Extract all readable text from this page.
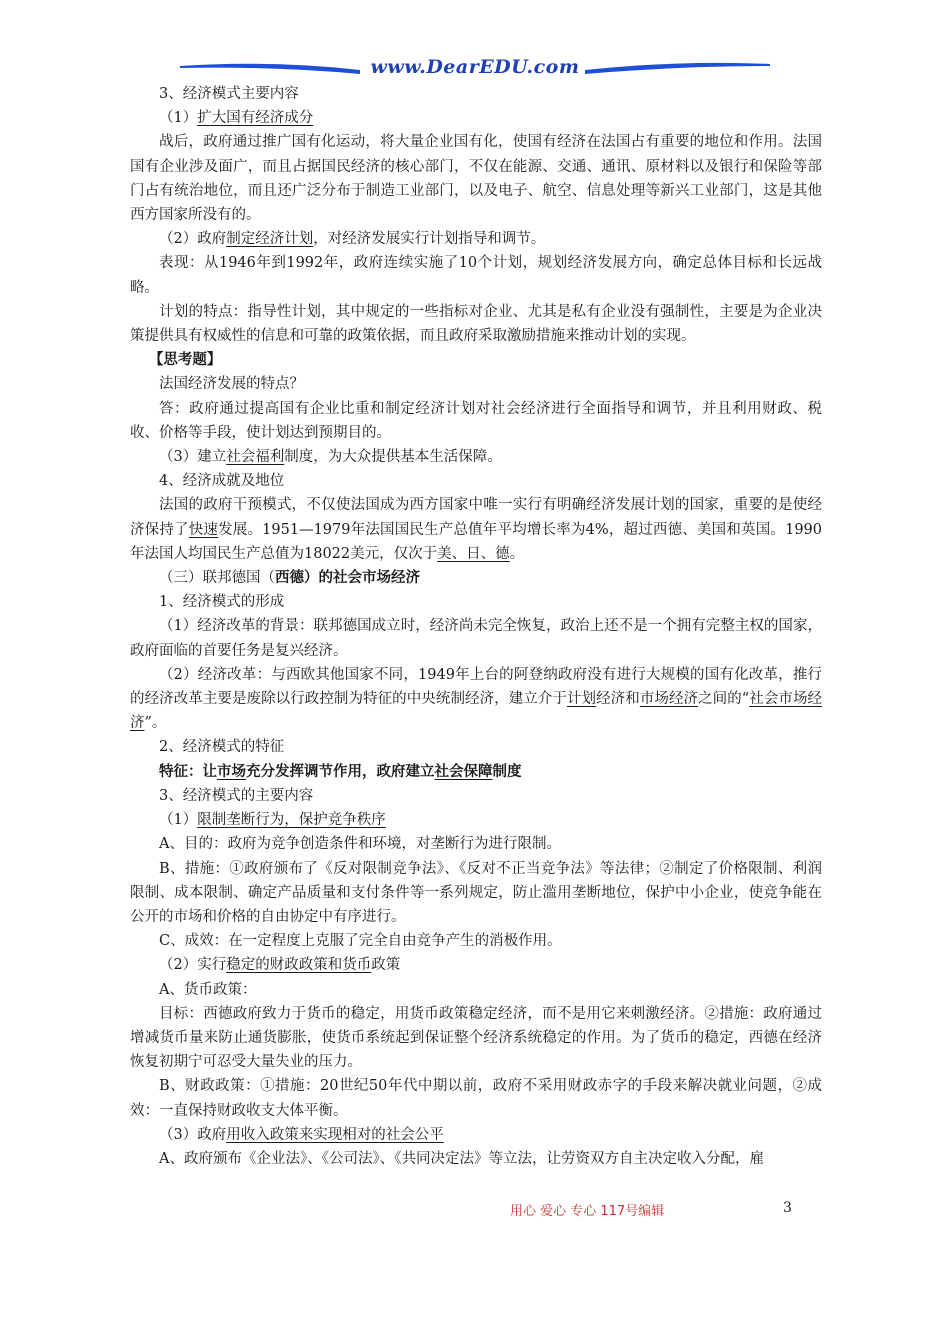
www.DearEDU.com

3、经济模式主要内容

（1）扩大国有经济成分

战后，政府通过推广国有化运动，将大量企业国有化，使国有经济在法国占有重要的地位和作用。法国国有企业涉及面广，而且占据国民经济的核心部门，不仅在能源、交通、通讯、原材料以及银行和保险等部门占有统治地位，而且还广泛分布于制造工业部门，以及电子、航空、信息处理等新兴工业部门，这是其他西方国家所没有的。

（2）政府制定经济计划，对经济发展实行计划指导和调节。

表现：从1946年到1992年，政府连续实施了10个计划，规划经济发展方向，确定总体目标和长远战略。

计划的特点：指导性计划，其中规定的一些指标对企业、尤其是私有企业没有强制性，主要是为企业决策提供具有权威性的信息和可靠的政策依据，而且政府采取激励措施来推动计划的实现。

【思考题】

法国经济发展的特点？

答：政府通过提高国有企业比重和制定经济计划对社会经济进行全面指导和调节，并且利用财政、税收、价格等手段，使计划达到预期目的。

（3）建立社会福利制度，为大众提供基本生活保障。

4、经济成就及地位

法国的政府干预模式，不仅使法国成为西方国家中唯一实行有明确经济发展计划的国家，重要的是使经济保持了快速发展。1951—1979年法国国民生产总值年平均增长率为4%，超过西德、美国和英国。1990年法国人均国民生产总值为18022美元，仅次于美、日、德。

（三）联邦德国（西德）的社会市场经济

1、经济模式的形成

（1）经济改革的背景：联邦德国成立时，经济尚未完全恢复，政治上还不是一个拥有完整主权的国家，政府面临的首要任务是复兴经济。

（2）经济改革：与西欧其他国家不同，1949年上台的阿登纳政府没有进行大规模的国有化改革，推行的经济改革主要是废除以行政控制为特征的中央统制经济，建立介于计划经济和市场经济之间的“社会市场经济”。

2、经济模式的特征

特征：让市场充分发挥调节作用，政府建立社会保障制度

3、经济模式的主要内容

（1）限制垄断行为，保护竞争秩序

A、目的：政府为竞争创造条件和环境，对垄断行为进行限制。

B、措施：①政府颁布了《反对限制竞争法》、《反对不正当竞争法》等法律；②制定了价格限制、利润限制、成本限制、确定产品质量和支付条件等一系列规定，防止滥用垄断地位，保护中小企业，使竞争能在公开的市场和价格的自由协定中有序进行。

C、成效：在一定程度上克服了完全自由竞争产生的消极作用。

（2）实行稳定的财政政策和货币政策

A、货币政策：

目标：西德政府致力于货币的稳定，用货币政策稳定经济，而不是用它来刺激经济。②措施：政府通过增减货币量来防止通货膨胀，使货币系统起到保证整个经济系统稳定的作用。为了货币的稳定，西德在经济恢复初期宁可忍受大量失业的压力。

B、财政政策：①措施：20世纪50年代中期以前，政府不采用财政赤字的手段来解决就业问题，②成效：一直保持财政收支大体平衡。

（3）政府用收入政策来实现相对的社会公平

A、政府颁布《企业法》、《公司法》、《共同决定法》等立法，让劳资双方自主决定收入分配，雇

用心 爱心 专心 117号编辑	3
